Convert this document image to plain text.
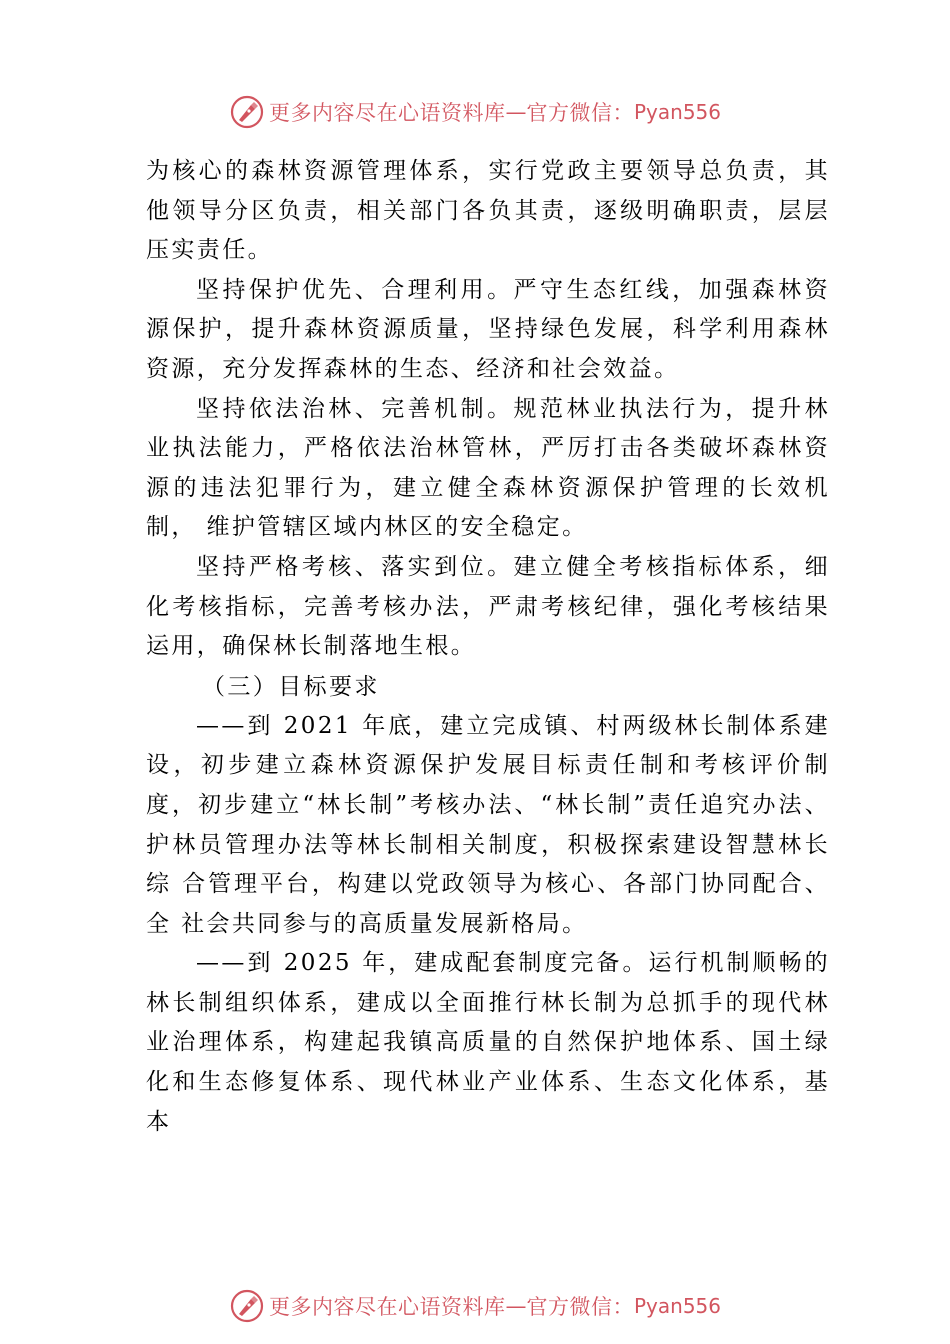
更多内容尽在心语资料库 — 官方微信： Pyan556

为核心的森林资源管理体系，实行党政主要领导总负责，其他领导分区负责，相关部门各负其责，逐级明确职责，层层压实责任。

坚持保护优先、合理利用。严守生态红线，加强森林资源保护，提升森林资源质量，坚持绿色发展，科学利用森林资源，充分发挥森林的生态、经济和社会效益。

坚持依法治林、完善机制。规范林业执法行为，提升林业执法能力，严格依法治林管林，严厉打击各类破坏森林资 源的违法犯罪行为，建立健全森林资源保护管理的长效机制， 维护管辖区域内林区的安全稳定。

坚持严格考核、落实到位。建立健全考核指标体系，细化考核指标，完善考核办法，严肃考核纪律，强化考核结果运用，确保林长制落地生根。

（三）目标要求

——到 2021 年底，建立完成镇、村两级林长制体系建设，初步建立森林资源保护发展目标责任制和考核评价制度，初步建立“林长制”考核办法、“林长制”责任追究办法、护林员管理办法等林长制相关制度，积极探索建设智慧林长综 合管理平台，构建以党政领导为核心、各部门协同配合、全 社会共同参与的高质量发展新格局。

——到 2025 年，建成配套制度完备。运行机制顺畅的林长制组织体系，建成以全面推行林长制为总抓手的现代林业治理体系，构建起我镇高质量的自然保护地体系、国土绿化和生态修复体系、现代林业产业体系、生态文化体系，基本

更多内容尽在心语资料库 — 官方微信： Pyan556
